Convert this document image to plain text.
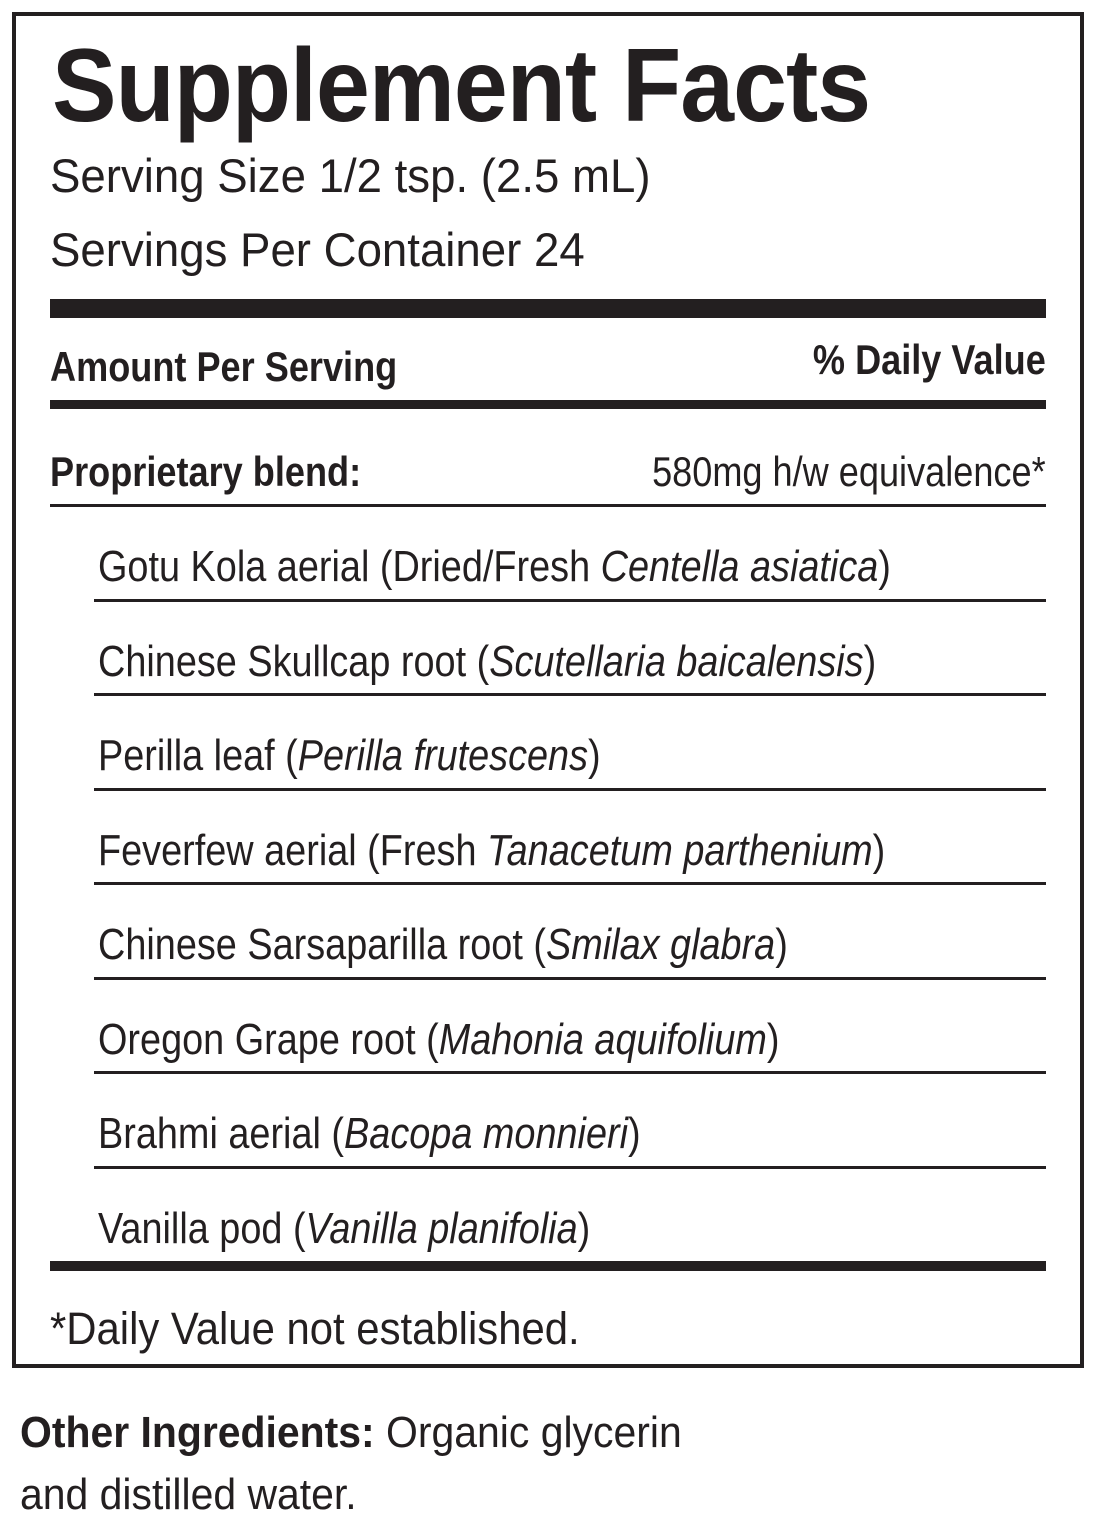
Supplement Facts
Serving Size 1/2 tsp. (2.5 mL)
Servings Per Container 24
Amount Per Serving	% Daily Value
Proprietary blend:	580mg h/w equivalence*
Gotu Kola aerial (Dried/Fresh Centella asiatica)
Chinese Skullcap root (Scutellaria baicalensis)
Perilla leaf (Perilla frutescens)
Feverfew aerial (Fresh Tanacetum parthenium)
Chinese Sarsaparilla root (Smilax glabra)
Oregon Grape root (Mahonia aquifolium)
Brahmi aerial (Bacopa monnieri)
Vanilla pod (Vanilla planifolia)
*Daily Value not established.
Other Ingredients: Organic glycerin and distilled water.
